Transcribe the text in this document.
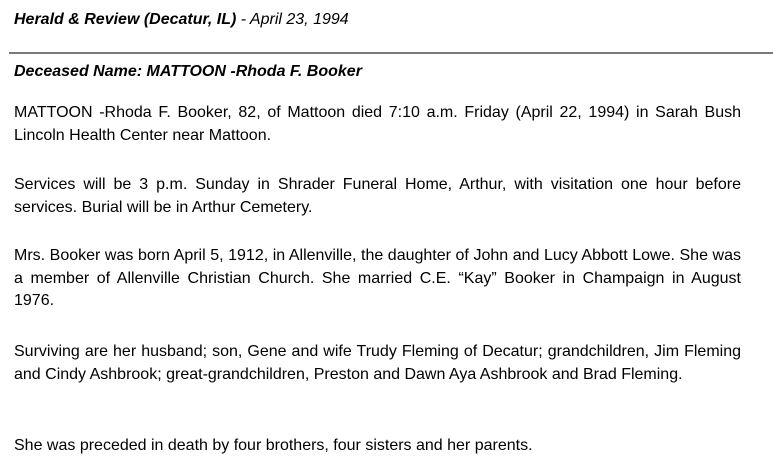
Herald & Review (Decatur, IL) - April 23, 1994
Deceased Name: MATTOON -Rhoda F. Booker

MATTOON -Rhoda F. Booker, 82, of Mattoon died 7:10 a.m. Friday (April 22, 1994) in Sarah Bush Lincoln Health Center near Mattoon.

Services will be 3 p.m. Sunday in Shrader Funeral Home, Arthur, with visitation one hour before services. Burial will be in Arthur Cemetery.

Mrs. Booker was born April 5, 1912, in Allenville, the daughter of John and Lucy Abbott Lowe. She was a member of Allenville Christian Church. She married C.E. “Kay” Booker in Champaign in August 1976.

Surviving are her husband; son, Gene and wife Trudy Fleming of Decatur; grandchildren, Jim Fleming and Cindy Ashbrook; great-grandchildren, Preston and Dawn Aya Ashbrook and Brad Fleming.

She was preceded in death by four brothers, four sisters and her parents.
